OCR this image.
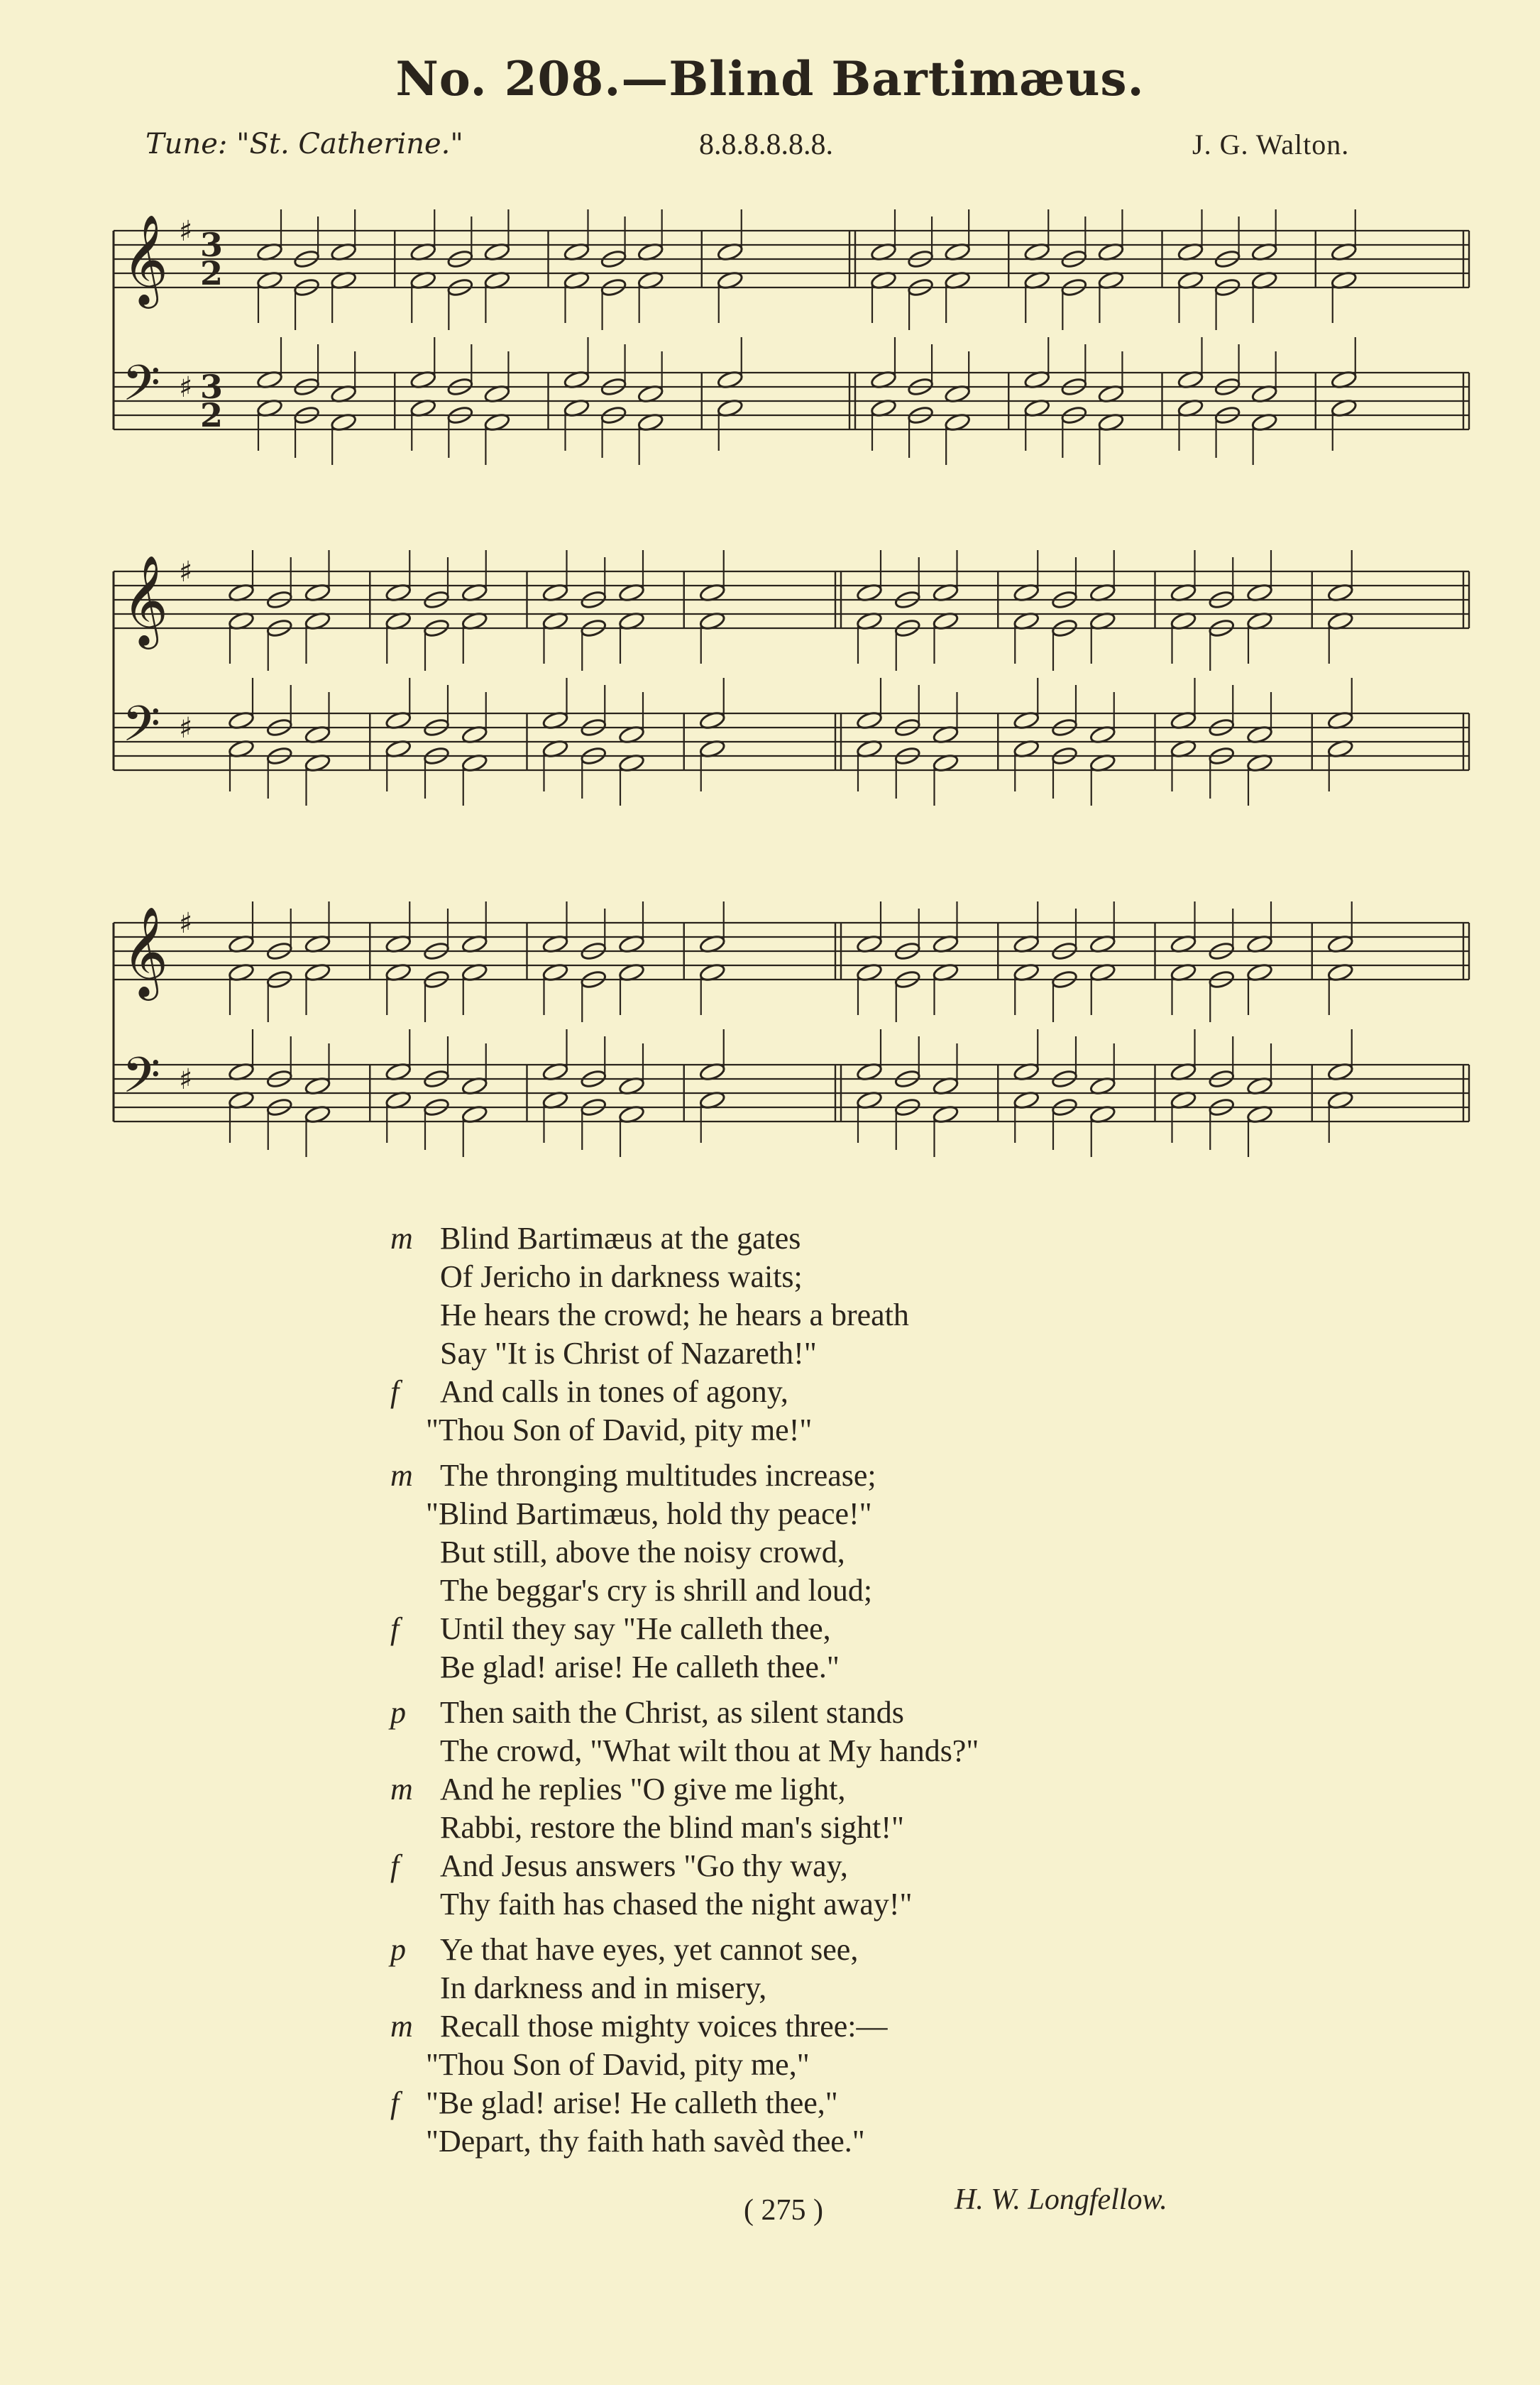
No. 208.—Blind Bartimæus.
Tune: "St. Catherine."	8.8.8.8.8.8.	J. G. Walton.
𝄞
𝄢
♯
♯
3
3
2
2
𝄞
𝄢
♯
♯
𝄞
𝄢
♯
♯
m Blind Bartimæus at the gates
Of Jericho in darkness waits;
He hears the crowd; he hears a breath
Say "It is Christ of Nazareth!"
f And calls in tones of agony,
"Thou Son of David, pity me!"
m The thronging multitudes increase;
"Blind Bartimæus, hold thy peace!"
But still, above the noisy crowd,
The beggar's cry is shrill and loud;
f Until they say "He calleth thee,
Be glad! arise! He calleth thee."
p Then saith the Christ, as silent stands
The crowd, "What wilt thou at My hands?"
m And he replies "O give me light,
Rabbi, restore the blind man's sight!"
f And Jesus answers "Go thy way,
Thy faith has chased the night away!"
p Ye that have eyes, yet cannot see,
In darkness and in misery,
m Recall those mighty voices three:—
"Thou Son of David, pity me,"
f "Be glad! arise! He calleth thee,"
"Depart, thy faith hath savèd thee."
( 275 )	H. W. Longfellow.
